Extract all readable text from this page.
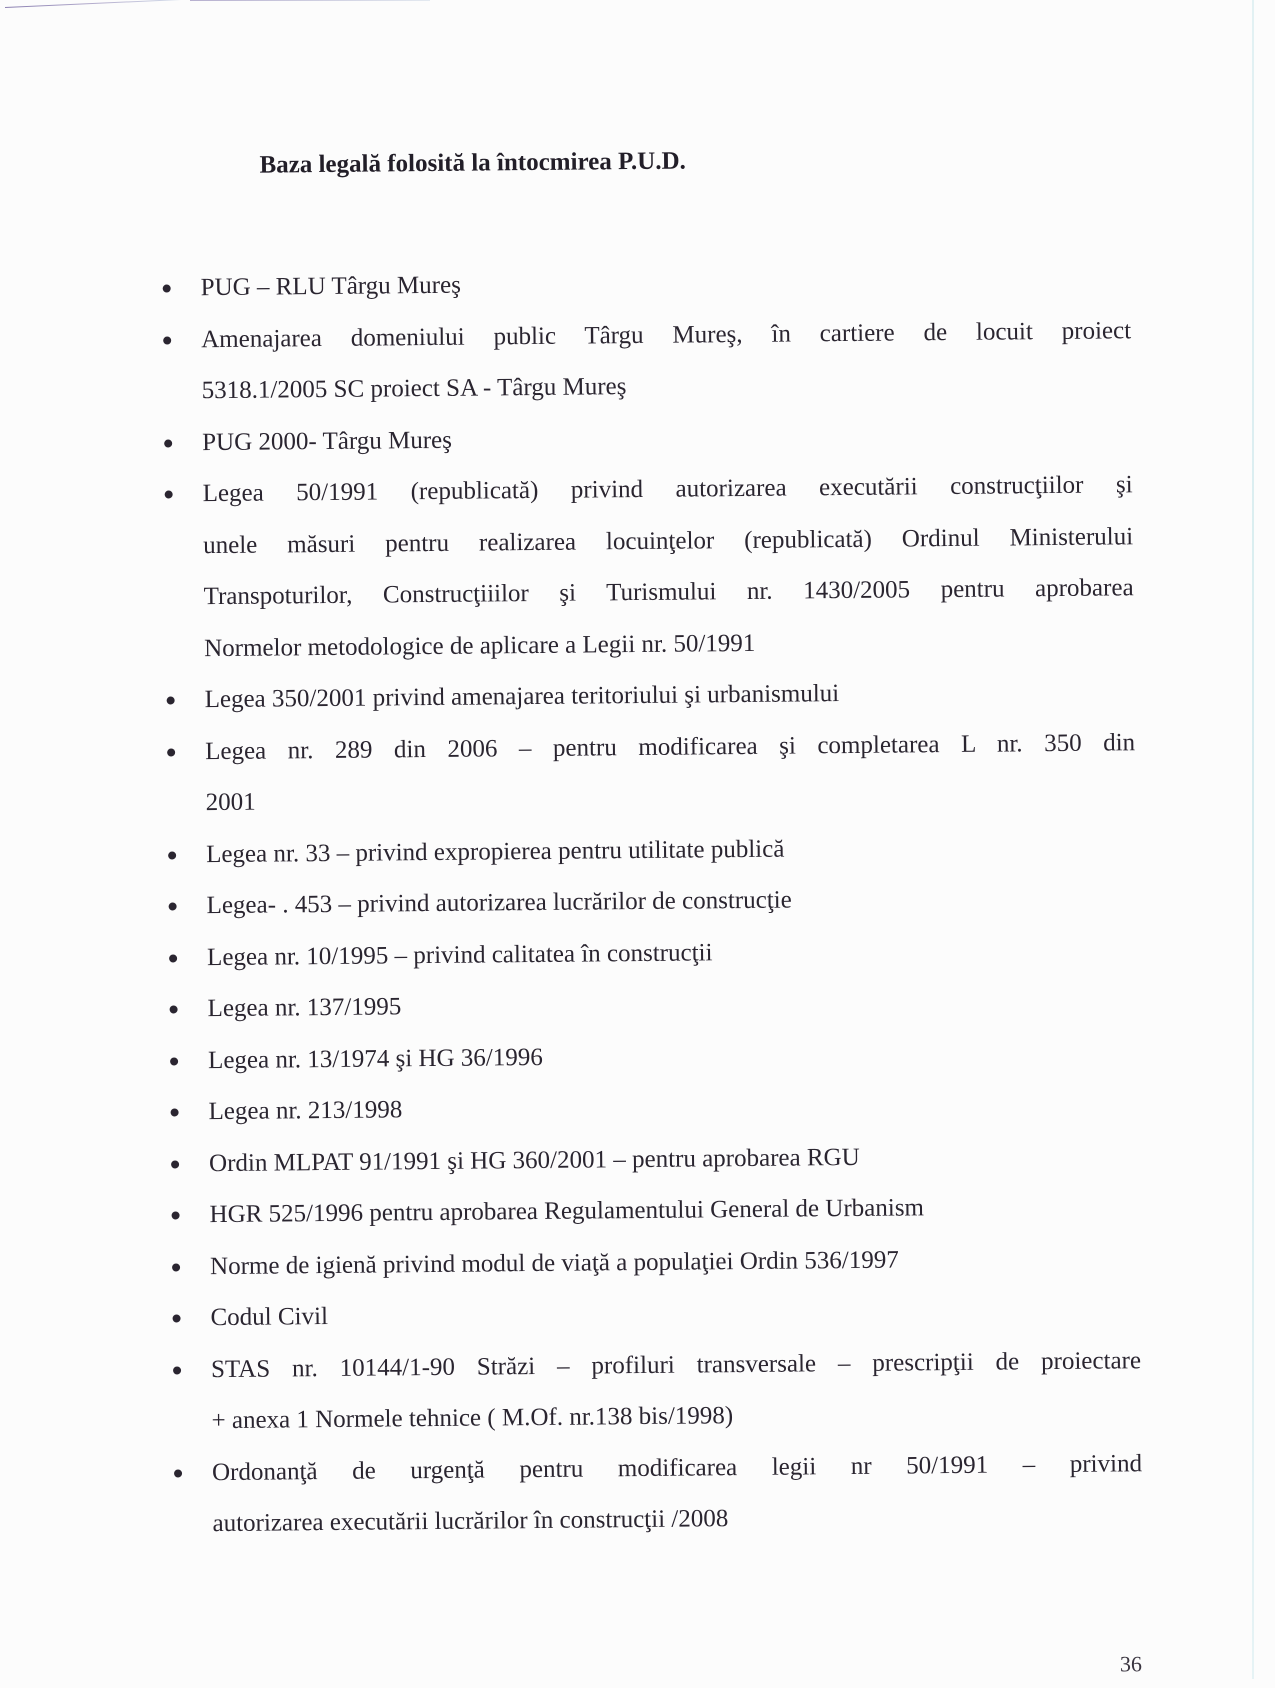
Baza legală folosită la întocmirea P.U.D.
PUG – RLU Târgu Mureş
Amenajarea domeniului public Târgu Mureş, în cartiere de locuit proiect
5318.1/2005 SC proiect SA - Târgu Mureş
PUG 2000- Târgu Mureş
Legea 50/1991 (republicată) privind autorizarea executării construcţiilor şi
unele măsuri pentru realizarea locuinţelor (republicată) Ordinul Ministerului
Transpoturilor, Construcţiiilor şi Turismului nr. 1430/2005 pentru aprobarea
Normelor metodologice de aplicare a Legii nr. 50/1991
Legea 350/2001 privind amenajarea teritoriului şi urbanismului
Legea nr. 289 din 2006 – pentru modificarea şi completarea L nr. 350 din
2001
Legea nr. 33 – privind expropierea pentru utilitate publică
Legea- . 453 – privind autorizarea lucrărilor de construcţie
Legea nr. 10/1995 – privind calitatea în construcţii
Legea nr. 137/1995
Legea nr. 13/1974 şi HG 36/1996
Legea nr. 213/1998
Ordin MLPAT 91/1991 şi HG 360/2001 – pentru aprobarea RGU
HGR 525/1996 pentru aprobarea Regulamentului General de Urbanism
Norme de igienă privind modul de viaţă a populaţiei Ordin 536/1997
Codul Civil
STAS nr. 10144/1-90 Străzi – profiluri transversale – prescripţii de proiectare
+ anexa 1 Normele tehnice ( M.Of. nr.138 bis/1998)
Ordonanţă de urgenţă pentru modificarea legii nr 50/1991 – privind
autorizarea executării lucrărilor în construcţii /2008
36
